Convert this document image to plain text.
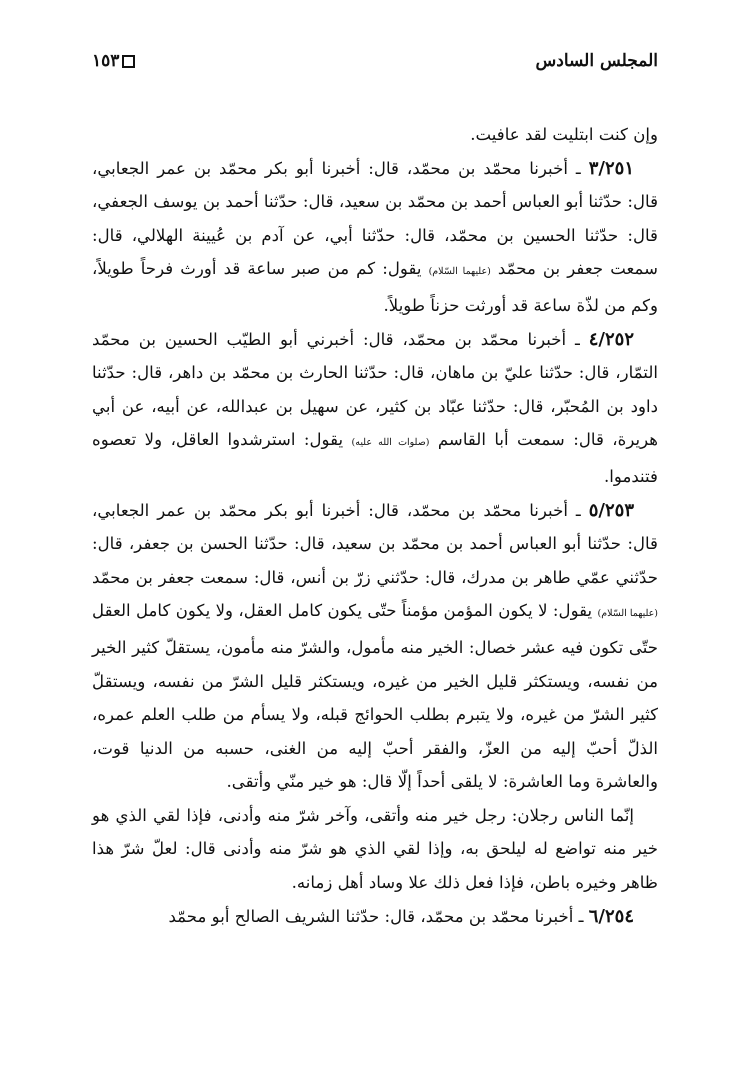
المجلس السادس
١٥٣

وإن كنت ابتليت لقد عافيت.

٣/٢٥١ ـ أخبرنا محمّد بن محمّد، قال: أخبرنا أبو بكر محمّد بن عمر الجعابي، قال: حدّثنا أبو العباس أحمد بن محمّد بن سعيد، قال: حدّثنا أحمد بن يوسف الجعفي، قال: حدّثنا الحسين بن محمّد، قال: حدّثنا أبي، عن آدم بن عُيينة الهلالي، قال: سمعت جعفر بن محمّد (عليهما السّلام) يقول: كم من صبر ساعة قد أورث فرحاً طويلاً، وكم من لذّة ساعة قد أورثت حزناً طويلاً.

٤/٢٥٢ ـ أخبرنا محمّد بن محمّد، قال: أخبرني أبو الطيّب الحسين بن محمّد التمّار، قال: حدّثنا عليّ بن ماهان، قال: حدّثنا الحارث بن محمّد بن داهر، قال: حدّثنا داود بن المُحبّر، قال: حدّثنا عبّاد بن كثير، عن سهيل بن عبدالله، عن أبيه، عن أبي هريرة، قال: سمعت أبا القاسم (صلوات الله عليه) يقول: استرشدوا العاقل، ولا تعصوه فتندموا.

٥/٢٥٣ ـ أخبرنا محمّد بن محمّد، قال: أخبرنا أبو بكر محمّد بن عمر الجعابي، قال: حدّثنا أبو العباس أحمد بن محمّد بن سعيد، قال: حدّثنا الحسن بن جعفر، قال: حدّثني عمّي طاهر بن مدرك، قال: حدّثني زرّ بن أنس، قال: سمعت جعفر بن محمّد (عليهما السّلام) يقول: لا يكون المؤمن مؤمناً حتّى يكون كامل العقل، ولا يكون كامل العقل حتّى تكون فيه عشر خصال: الخير منه مأمول، والشرّ منه مأمون، يستقلّ كثير الخير من نفسه، ويستكثر قليل الخير من غيره، ويستكثر قليل الشرّ من نفسه، ويستقلّ كثير الشرّ من غيره، ولا يتبرم بطلب الحوائج قبله، ولا يسأم من طلب العلم عمره، الذلّ أحبّ إليه من العزّ، والفقر أحبّ إليه من الغنى، حسبه من الدنيا قوت، والعاشرة وما العاشرة: لا يلقى أحداً إلّا قال: هو خير منّي وأتقى.

إنّما الناس رجلان: رجل خير منه وأتقى، وآخر شرّ منه وأدنى، فإذا لقي الذي هو خير منه تواضع له ليلحق به، وإذا لقي الذي هو شرّ منه وأدنى قال: لعلّ شرّ هذا ظاهر وخيره باطن، فإذا فعل ذلك علا وساد أهل زمانه.

٦/٢٥٤ ـ أخبرنا محمّد بن محمّد، قال: حدّثنا الشريف الصالح أبو محمّد
